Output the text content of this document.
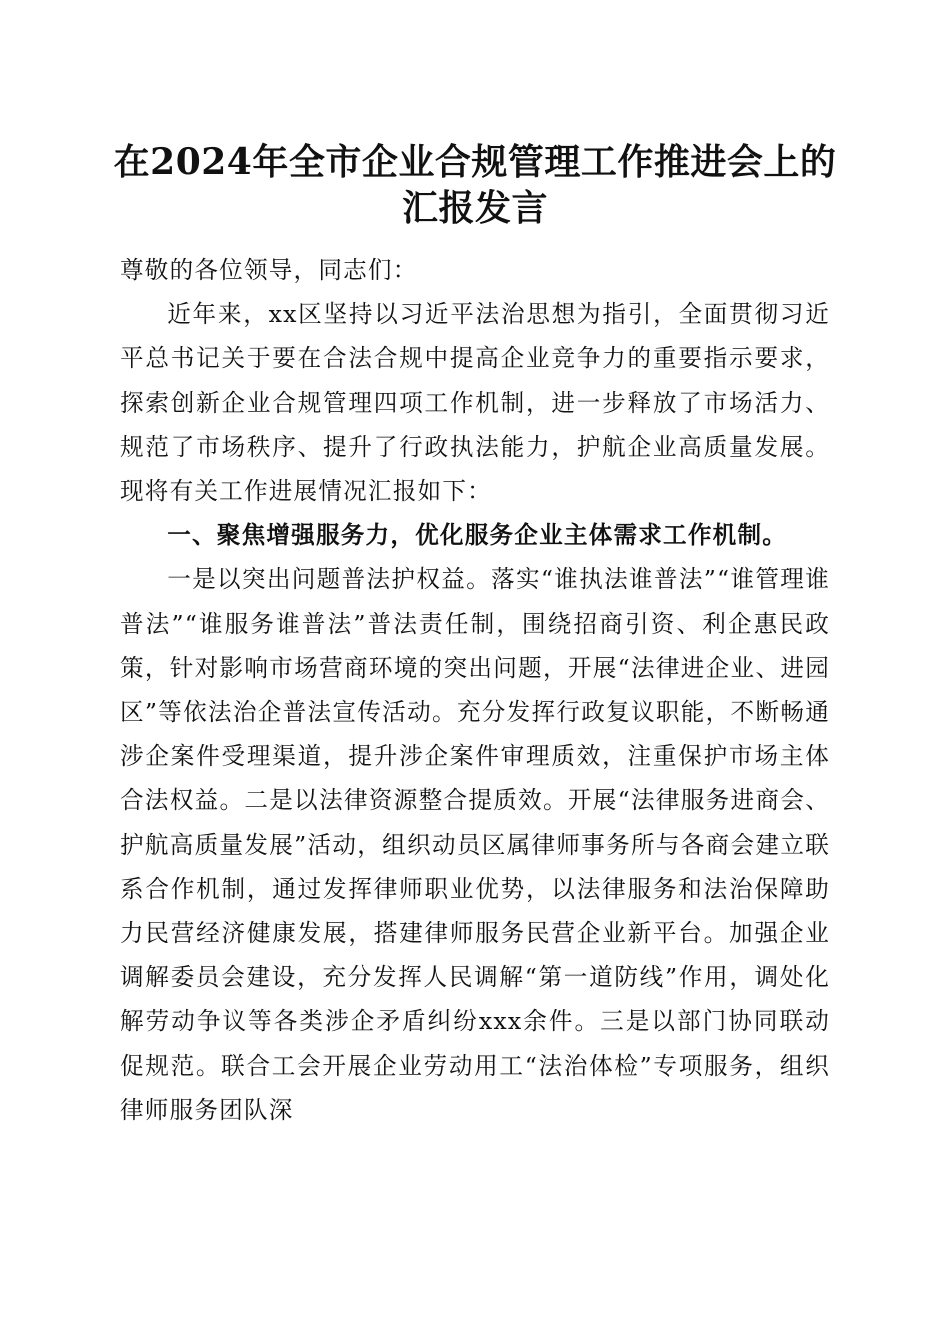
在2024年全市企业合规管理工作推进会上的
汇报发言

尊敬的各位领导，同志们：

近年来，xx区坚持以习近平法治思想为指引，全面贯彻习近平总书记关于要在合法合规中提高企业竞争力的重要指示要求，探索创新企业合规管理四项工作机制，进一步释放了市场活力、规范了市场秩序、提升了行政执法能力，护航企业高质量发展。现将有关工作进展情况汇报如下：

一、聚焦增强服务力，优化服务企业主体需求工作机制。

一是以突出问题普法护权益。落实“谁执法谁普法”“谁管理谁普法”“谁服务谁普法”普法责任制，围绕招商引资、利企惠民政策，针对影响市场营商环境的突出问题，开展“法律进企业、进园区”等依法治企普法宣传活动。充分发挥行政复议职能，不断畅通涉企案件受理渠道，提升涉企案件审理质效，注重保护市场主体合法权益。二是以法律资源整合提质效。开展“法律服务进商会、护航高质量发展”活动，组织动员区属律师事务所与各商会建立联系合作机制，通过发挥律师职业优势，以法律服务和法治保障助力民营经济健康发展，搭建律师服务民营企业新平台。加强企业调解委员会建设，充分发挥人民调解“第一道防线”作用，调处化解劳动争议等各类涉企矛盾纠纷xxx余件。三是以部门协同联动促规范。联合工会开展企业劳动用工“法治体检”专项服务，组织律师服务团队深
